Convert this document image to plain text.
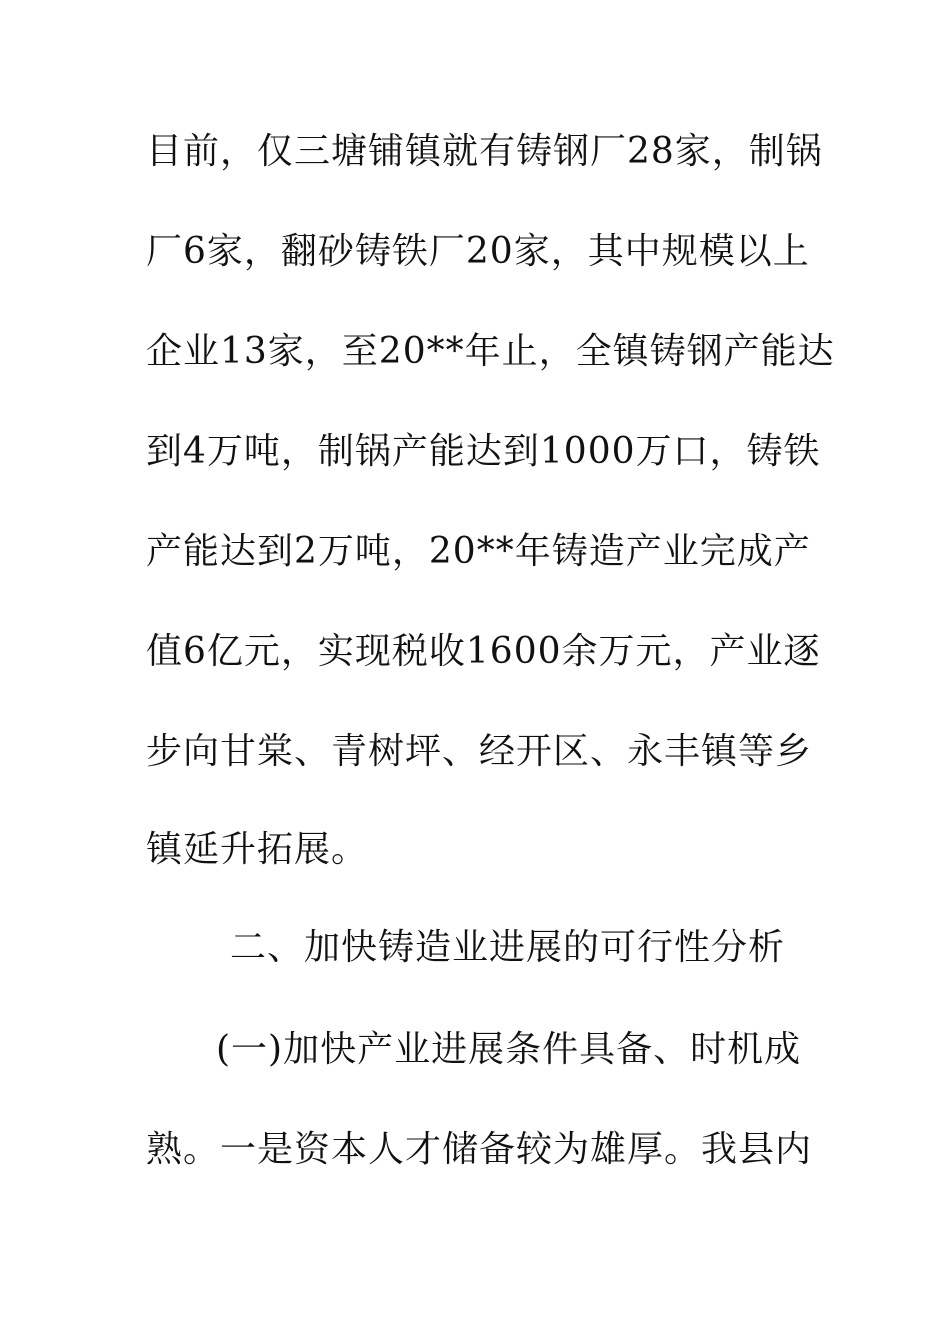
目前，仅三塘铺镇就有铸钢厂28家，制锅
厂6家，翻砂铸铁厂20家，其中规模以上
企业13家，至20**年止，全镇铸钢产能达
到4万吨，制锅产能达到1000万口，铸铁
产能达到2万吨，20**年铸造产业完成产
值6亿元，实现税收1600余万元，产业逐
步向甘棠、青树坪、经开区、永丰镇等乡
镇延升拓展。
二、加快铸造业进展的可行性分析
(一)加快产业进展条件具备、时机成
熟。一是资本人才储备较为雄厚。我县内
